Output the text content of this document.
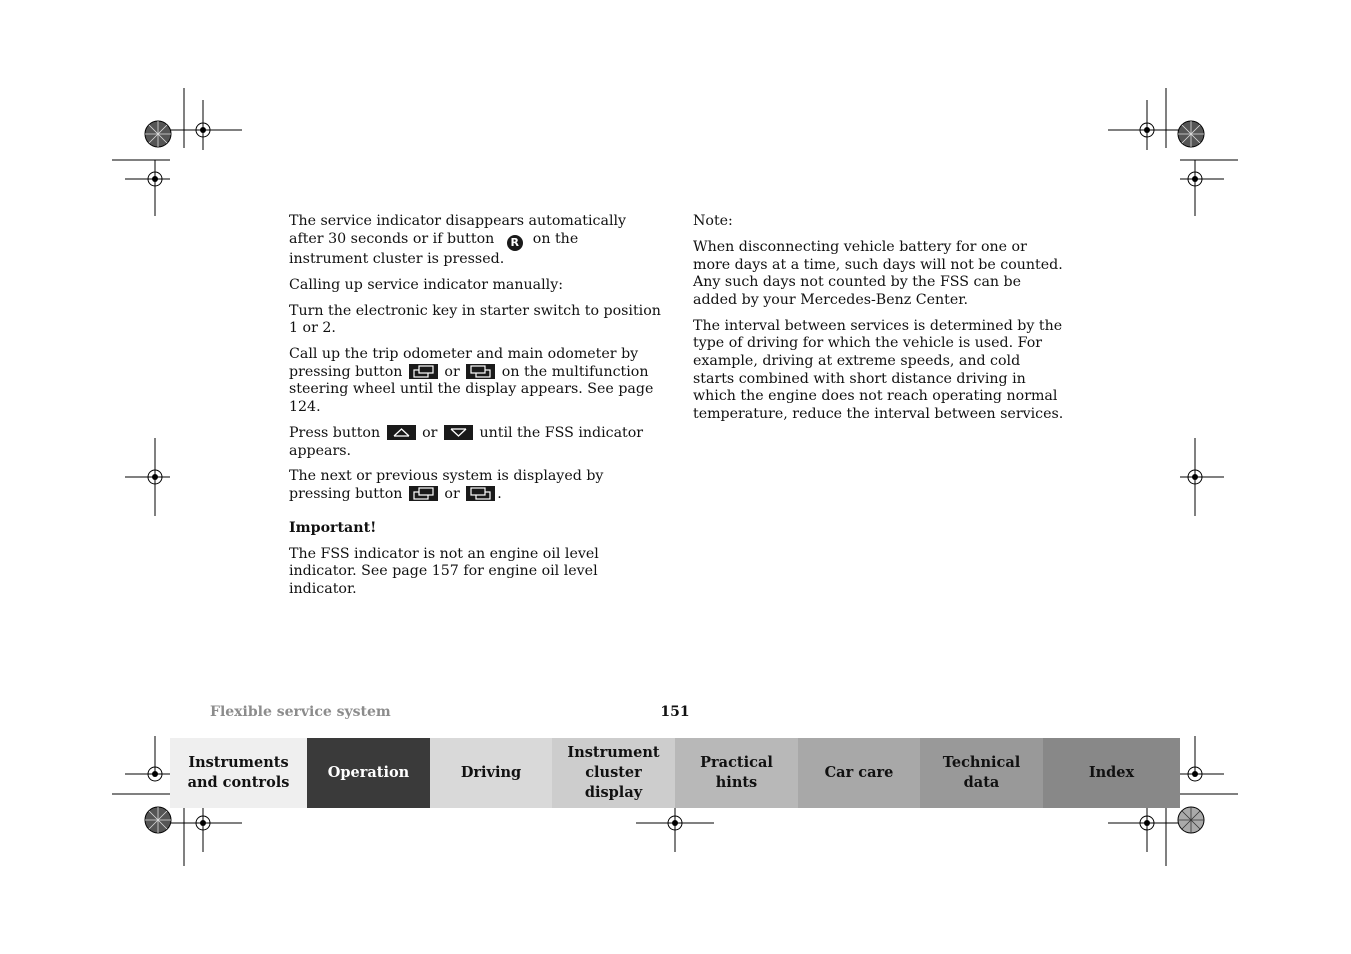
The service indicator disappears automatically after 30 seconds or if button R on the instrument cluster is pressed.

Calling up service indicator manually:

Turn the electronic key in starter switch to position 1 or 2.

Call up the trip odometer and main odometer by pressing button	or	on the multifunction steering wheel until the display appears. See page 124.

Press button	or	until the FSS indicator appears.

The next or previous system is displayed by pressing button	or	.

Important!

The FSS indicator is not an engine oil level indicator. See page 157 for engine oil level indicator.

Note:

When disconnecting vehicle battery for one or more days at a time, such days will not be counted. Any such days not counted by the FSS can be added by your Mercedes-Benz Center.

The interval between services is determined by the type of driving for which the vehicle is used. For example, driving at extreme speeds, and cold starts combined with short distance driving in which the engine does not reach operating normal temperature, reduce the interval between services.

Flexible service system	151
Instruments
and controls
Operation	Driving
Instrument
cluster display
Practical hints
Car care
Technical
data
Index
